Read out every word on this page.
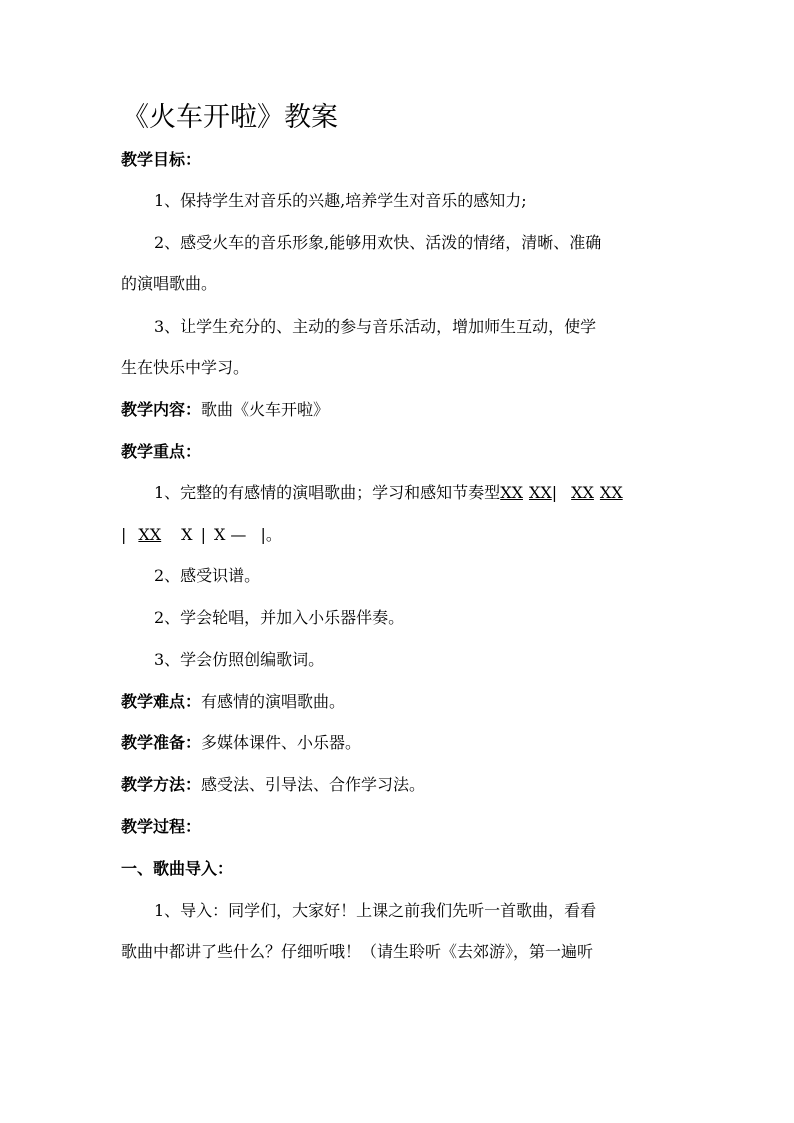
《火车开啦》教案
教学目标：
1、保持学生对音乐的兴趣,培养学生对音乐的感知力;
2、感受火车的音乐形象,能够用欢快、活泼的情绪，清晰、准确
的演唱歌曲。
3、让学生充分的、主动的参与音乐活动，增加师生互动，使学
生在快乐中学习。
教学内容：歌曲《火车开啦》
教学重点：
1、完整的有感情的演唱歌曲；学习和感知节奏型XX XX| XX XX
| XX X | X — |。
2、感受识谱。
2、学会轮唱，并加入小乐器伴奏。
3、学会仿照创编歌词。
教学难点：有感情的演唱歌曲。
教学准备：多媒体课件、小乐器。
教学方法：感受法、引导法、合作学习法。
教学过程：
一、歌曲导入：
1、导入：同学们，大家好！上课之前我们先听一首歌曲，看看
歌曲中都讲了些什么？仔细听哦！（请生聆听《去郊游》，第一遍听
